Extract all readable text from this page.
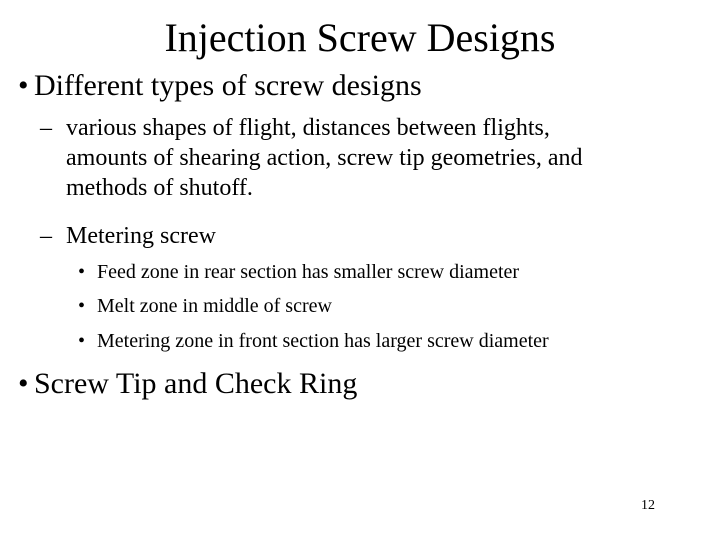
Injection Screw Designs
• Different types of screw designs
– various shapes of flight, distances between flights,
amounts of shearing action, screw tip geometries, and
methods of shutoff.
– Metering screw
• Feed zone in rear section has smaller screw diameter
• Melt zone in middle of screw
• Metering zone in front section has larger screw diameter
• Screw Tip and Check Ring
12
